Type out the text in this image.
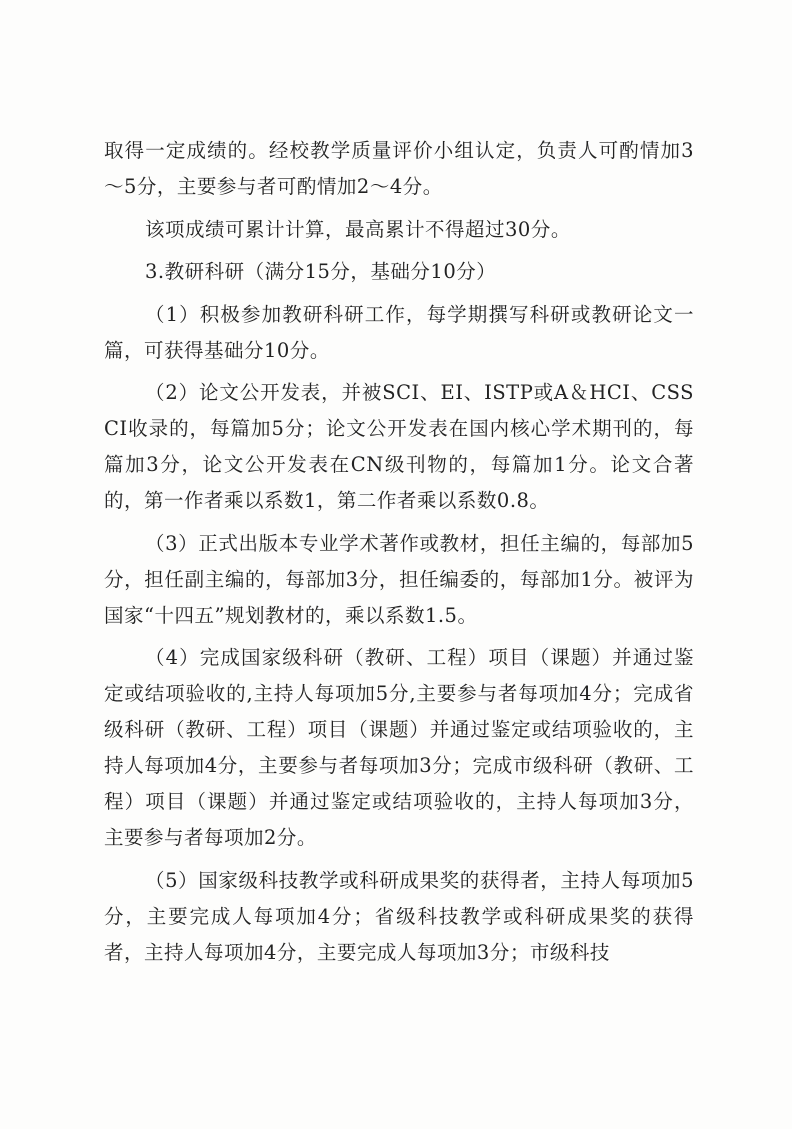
取得一定成绩的。经校教学质量评价小组认定，负责人可酌情加3～5分，主要参与者可酌情加2～4分。

该项成绩可累计计算，最高累计不得超过30分。

3.教研科研（满分15分，基础分10分）

（1）积极参加教研科研工作，每学期撰写科研或教研论文一篇，可获得基础分10分。

（2）论文公开发表，并被SCI、EI、ISTP或A＆HCI、CSSCI收录的，每篇加5分；论文公开发表在国内核心学术期刊的，每篇加3分，论文公开发表在CN级刊物的，每篇加1分。论文合著的，第一作者乘以系数1，第二作者乘以系数0.8。

（3）正式出版本专业学术著作或教材，担任主编的，每部加5分，担任副主编的，每部加3分，担任编委的，每部加1分。被评为国家“十四五”规划教材的，乘以系数1.5。

（4）完成国家级科研（教研、工程）项目（课题）并通过鉴定或结项验收的,主持人每项加5分,主要参与者每项加4分；完成省级科研（教研、工程）项目（课题）并通过鉴定或结项验收的，主持人每项加4分，主要参与者每项加3分；完成市级科研（教研、工程）项目（课题）并通过鉴定或结项验收的，主持人每项加3分，主要参与者每项加2分。

（5）国家级科技教学或科研成果奖的获得者，主持人每项加5分，主要完成人每项加4分；省级科技教学或科研成果奖的获得者，主持人每项加4分，主要完成人每项加3分；市级科技
